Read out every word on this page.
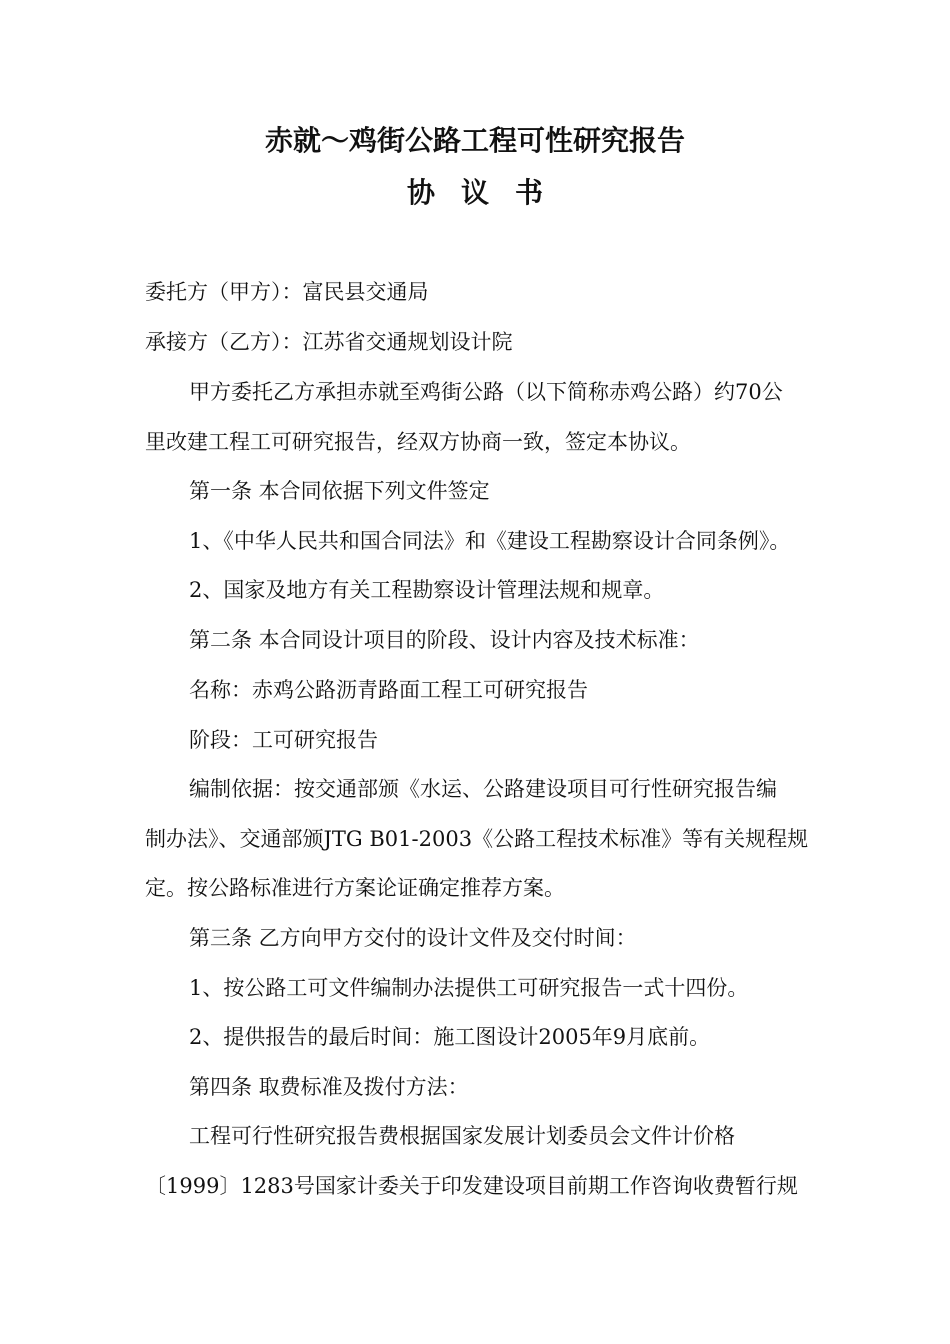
赤就～鸡街公路工程可性研究报告
协议书
委托方（甲方）：富民县交通局
承接方（乙方）：江苏省交通规划设计院
甲方委托乙方承担赤就至鸡街公路（以下简称赤鸡公路）约70公
里改建工程工可研究报告，经双方协商一致，签定本协议。
第一条 本合同依据下列文件签定
1、《中华人民共和国合同法》和《建设工程勘察设计合同条例》。
2、国家及地方有关工程勘察设计管理法规和规章。
第二条 本合同设计项目的阶段、设计内容及技术标准：
名称：赤鸡公路沥青路面工程工可研究报告
阶段：工可研究报告
编制依据：按交通部颁《水运、公路建设项目可行性研究报告编
制办法》、交通部颁JTG B01-2003《公路工程技术标准》等有关规程规
定。按公路标准进行方案论证确定推荐方案。
第三条 乙方向甲方交付的设计文件及交付时间：
1、按公路工可文件编制办法提供工可研究报告一式十四份。
2、提供报告的最后时间：施工图设计2005年9月底前。
第四条 取费标准及拨付方法：
工程可行性研究报告费根据国家发展计划委员会文件计价格
〔1999〕1283号国家计委关于印发建设项目前期工作咨询收费暂行规
